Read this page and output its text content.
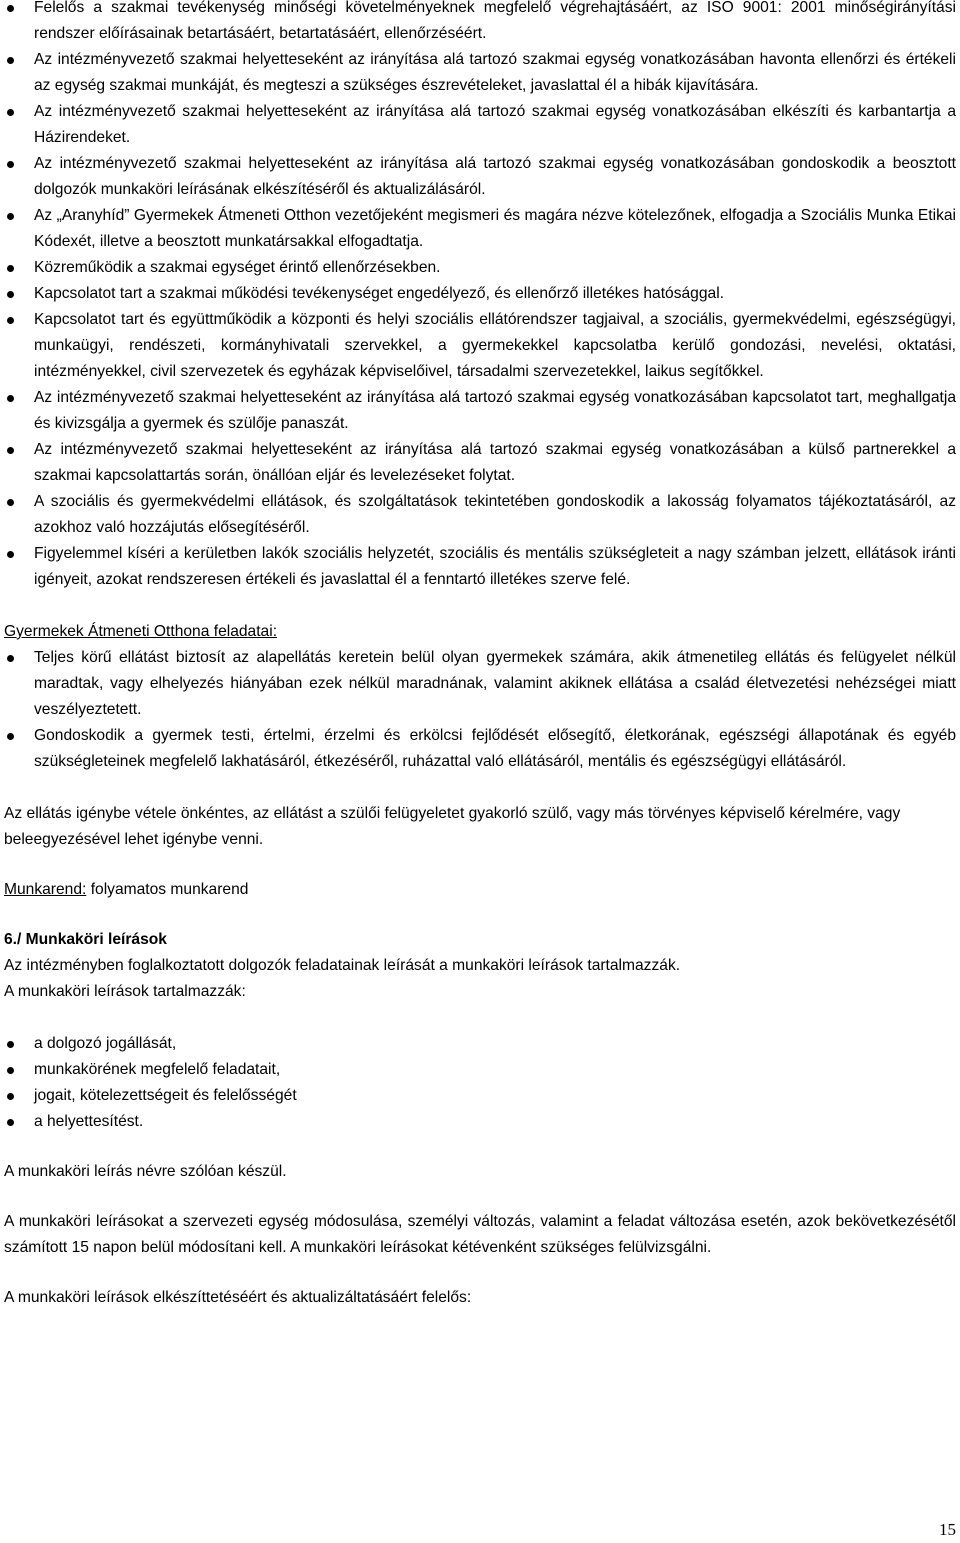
Felelős a szakmai tevékenység minőségi követelményeknek megfelelő végrehajtásáért, az ISO 9001: 2001 minőségirányítási rendszer előírásainak betartásáért, betartatásáért, ellenőrzéséért.
Az intézményvezető szakmai helyetteseként az irányítása alá tartozó szakmai egység vonatkozásában havonta ellenőrzi és értékeli az egység szakmai munkáját, és megteszi a szükséges észrevételeket, javaslattal él a hibák kijavítására.
Az intézményvezető szakmai helyetteseként az irányítása alá tartozó szakmai egység vonatkozásában elkészíti és karbantartja a Házirendeket.
Az intézményvezető szakmai helyetteseként az irányítása alá tartozó szakmai egység vonatkozásában gondoskodik a beosztott dolgozók munkaköri leírásának elkészítéséről és aktualizálásáról.
Az „Aranyhíd” Gyermekek Átmeneti Otthon vezetőjeként megismeri és magára nézve kötelezőnek, elfogadja a Szociális Munka Etikai Kódexét, illetve a beosztott munkatársakkal elfogadtatja.
Közreműködik a szakmai egységet érintő ellenőrzésekben.
Kapcsolatot tart a szakmai működési tevékenységet engedélyező, és ellenőrző illetékes hatósággal.
Kapcsolatot tart és együttműködik a központi és helyi szociális ellátórendszer tagjaival, a szociális, gyermekvédelmi, egészségügyi, munkaügyi, rendészeti, kormányhivatali szervekkel, a gyermekekkel kapcsolatba kerülő gondozási, nevelési, oktatási, intézményekkel, civil szervezetek és egyházak képviselőivel, társadalmi szervezetekkel, laikus segítőkkel.
Az intézményvezető szakmai helyetteseként az irányítása alá tartozó szakmai egység vonatkozásában kapcsolatot tart, meghallgatja és kivizsgálja a gyermek és szülője panaszát.
Az intézményvezető szakmai helyetteseként az irányítása alá tartozó szakmai egység vonatkozásában a külső partnerekkel a szakmai kapcsolattartás során, önállóan eljár és levelezéseket folytat.
A szociális és gyermekvédelmi ellátások, és szolgáltatások tekintetében gondoskodik a lakosság folyamatos tájékoztatásáról, az azokhoz való hozzájutás elősegítéséről.
Figyelemmel kíséri a kerületben lakók szociális helyzetét, szociális és mentális szükségleteit a nagy számban jelzett, ellátások iránti igényeit, azokat rendszeresen értékeli és javaslattal él a fenntartó illetékes szerve felé.
Gyermekek Átmeneti Otthona feladatai:
Teljes körű ellátást biztosít az alapellátás keretein belül olyan gyermekek számára, akik átmenetileg ellátás és felügyelet nélkül maradtak, vagy elhelyezés hiányában ezek nélkül maradnának, valamint akiknek ellátása a család életvezetési nehézségei miatt veszélyeztetett.
Gondoskodik a gyermek testi, értelmi, érzelmi és erkölcsi fejlődését elősegítő, életkorának, egészségi állapotának és egyéb szükségleteinek megfelelő lakhatásáról, étkezéséről, ruházattal való ellátásáról, mentális és egészségügyi ellátásáról.
Az ellátás igénybe vétele önkéntes, az ellátást a szülői felügyeletet gyakorló szülő, vagy más törvényes képviselő kérelmére, vagy beleegyezésével lehet igénybe venni.
Munkarend: folyamatos munkarend
6./ Munkaköri leírások
Az intézményben foglalkoztatott dolgozók feladatainak leírását a munkaköri leírások tartalmazzák.
A munkaköri leírások tartalmazzák:
a dolgozó jogállását,
munkakörének megfelelő feladatait,
jogait, kötelezettségeit és felelősségét
a helyettesítést.
A munkaköri leírás névre szólóan készül.
A munkaköri leírásokat a szervezeti egység módosulása, személyi változás, valamint a feladat változása esetén, azok bekövetkezésétől számított 15 napon belül módosítani kell. A munkaköri leírásokat kétévenként szükséges felülvizsgálni.
A munkaköri leírások elkészíttetéséért és aktualizáltatásáért felelős:
15
